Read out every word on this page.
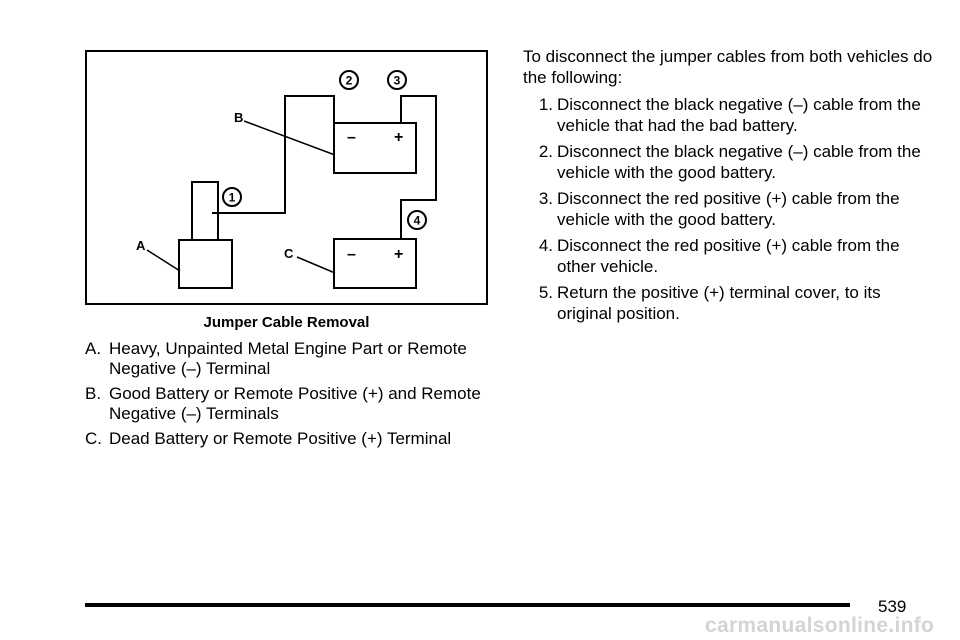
– +
– +
A
B
C
1
2	3
4
Jumper Cable Removal
A. Heavy, Unpainted Metal Engine Part or Remote Negative (–) Terminal
B. Good Battery or Remote Positive (+) and Remote Negative (–) Terminals
C. Dead Battery or Remote Positive (+) Terminal

To disconnect the jumper cables from both vehicles do the following:

1. Disconnect the black negative (–) cable from the vehicle that had the bad battery.
2. Disconnect the black negative (–) cable from the vehicle with the good battery.
3. Disconnect the red positive (+) cable from the vehicle with the good battery.
4. Disconnect the red positive (+) cable from the other vehicle.
5. Return the positive (+) terminal cover, to its original position.
539
carmanualsonline.info
